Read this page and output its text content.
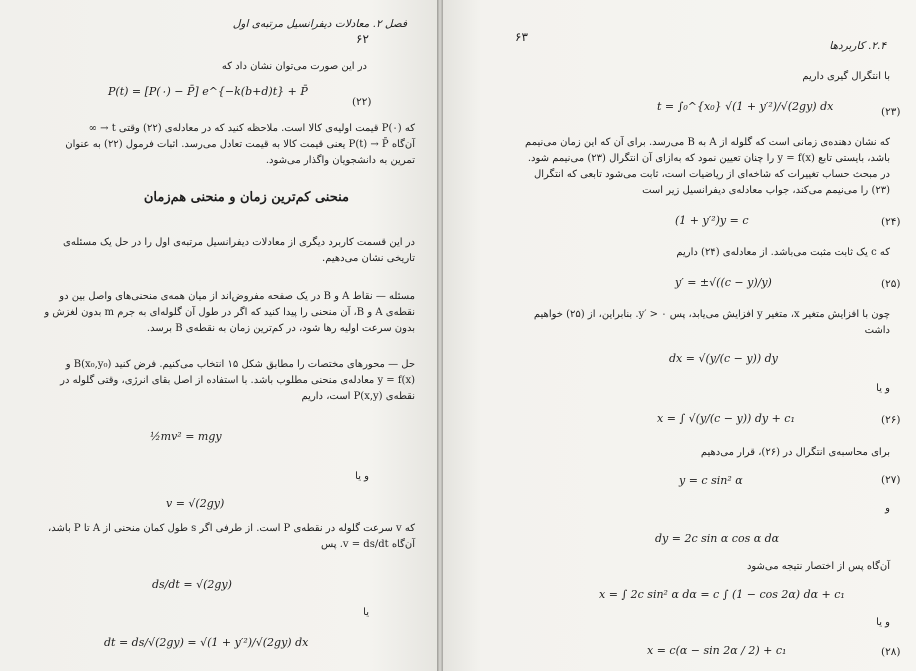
۶۲
فصل ۲. معادلات دیفرانسیل مرتبه‌ی اول
در این صورت می‌توان نشان داد که
P(t) = [P(۰) − P̄] e^{−k(b+d)t} + P̄
(۲۲)
که P(۰) قیمت اولیه‌ی کالا است. ملاحظه کنید که در معادله‌ی (۲۲) وقتی t → ∞
آن‌گاه P(t) → P̄ یعنی قیمت کالا به قیمت تعادل می‌رسد. اثبات فرمول (۲۲) به عنوان
تمرین به دانشجویان واگذار می‌شود.
منحنی کم‌ترین زمان و منحنی هم‌زمان
در این قسمت کاربرد دیگری از معادلات دیفرانسیل مرتبه‌ی اول را در حل یک مسئله‌ی
تاریخی نشان می‌دهیم.
مسئله — نقاط A و B در یک صفحه مفروض‌اند از میان همه‌ی منحنی‌های واصل بین دو
نقطه‌ی A و B، آن منحنی را پیدا کنید که اگر در طول آن گلوله‌ای به جرم m بدون لغزش و
بدون سرعت اولیه رها شود، در کم‌ترین زمان به نقطه‌ی B برسد.
حل — محورهای مختصات را مطابق شکل ۱۵ انتخاب می‌کنیم. فرض کنید B(x₀,y₀) و
y = f(x) معادله‌ی منحنی مطلوب باشد. با استفاده از اصل بقای انرژی، وقتی گلوله در
نقطه‌ی P(x,y) است، داریم
½mv² = mgy
و یا
v = √(2gy)
که v سرعت گلوله در نقطه‌ی P است. از طرفی اگر s طول کمان منحنی از A تا P باشد،
آن‌گاه v = ds/dt. پس
ds/dt = √(2gy)
یا
dt = ds/√(2gy) = √(1 + y′²)/√(2gy) dx
۶۳
۲.۴. کاربردها
با انتگرال گیری داریم
t = ∫₀^{x₀} √(1 + y′²)/√(2gy) dx	(۲۳)
که نشان دهنده‌ی زمانی است که گلوله از A به B می‌رسد. برای آن که این زمان می‌نیمم
باشد، بایستی تابع y = f(x) را چنان تعیین نمود که به‌ازای آن انتگرال (۲۳) می‌نیمم شود.
در مبحث حساب تغییرات که شاخه‌ای از ریاضیات است، ثابت می‌شود تابعی که انتگرال
(۲۳) را می‌نیمم می‌کند، جواب معادله‌ی دیفرانسیل زیر است
(1 + y′²)y = c	(۲۴)
که c یک ثابت مثبت می‌باشد. از معادله‌ی (۲۴) داریم
y′ = ±√((c − y)/y)	(۲۵)
چون با افزایش متغیر x، متغیر y افزایش می‌یابد، پس y′ > ۰. بنابراین، از (۲۵) خواهیم
داشت
dx = √(y/(c − y)) dy
و یا
x = ∫ √(y/(c − y)) dy + c₁	(۲۶)
برای محاسبه‌ی انتگرال در (۲۶)، قرار می‌دهیم
y = c sin² α	(۲۷)
و
dy = 2c sin α cos α dα
آن‌گاه پس از اختصار نتیجه می‌شود
x = ∫ 2c sin² α dα = c ∫ (1 − cos 2α) dα + c₁
و یا
x = c(α − sin 2α / 2) + c₁	(۲۸)
